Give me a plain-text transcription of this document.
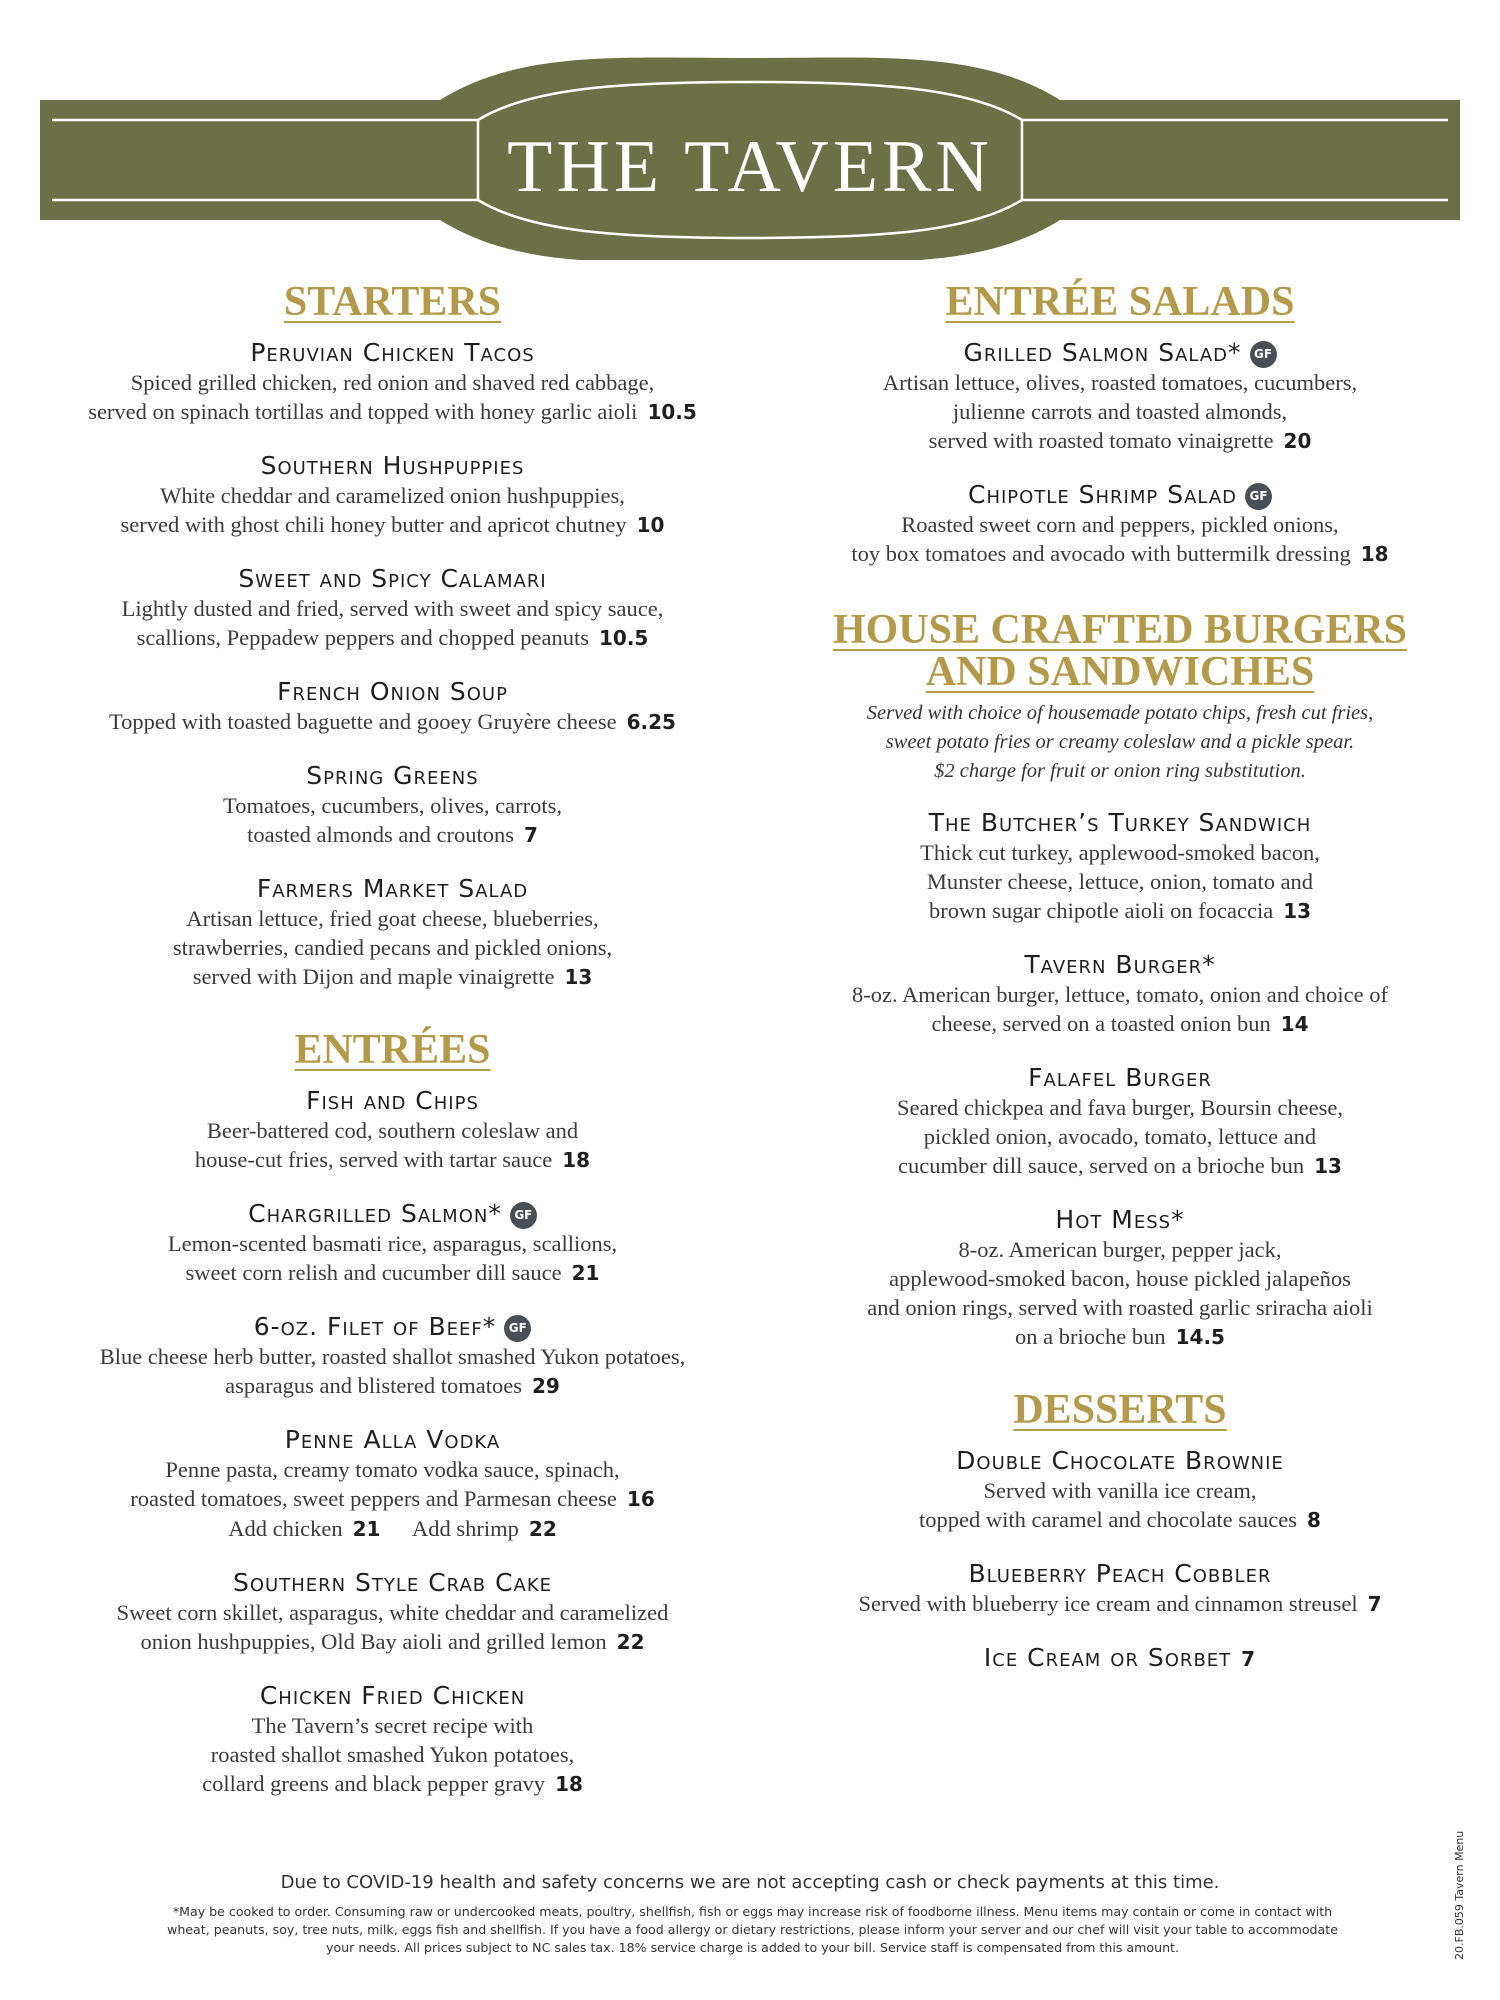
THE TAVERN
STARTERS
Peruvian Chicken Tacos
Spiced grilled chicken, red onion and shaved red cabbage,
served on spinach tortillas and topped with honey garlic aioli 10.5
Southern Hushpuppies
White cheddar and caramelized onion hushpuppies,
served with ghost chili honey butter and apricot chutney 10
Sweet and Spicy Calamari
Lightly dusted and fried, served with sweet and spicy sauce,
scallions, Peppadew peppers and chopped peanuts 10.5
French Onion Soup
Topped with toasted baguette and gooey Gruyère cheese 6.25
Spring Greens
Tomatoes, cucumbers, olives, carrots,
toasted almonds and croutons 7
Farmers Market Salad
Artisan lettuce, fried goat cheese, blueberries,
strawberries, candied pecans and pickled onions,
served with Dijon and maple vinaigrette 13
ENTRÉES
Fish and Chips
Beer-battered cod, southern coleslaw and
house-cut fries, served with tartar sauce 18
Chargrilled Salmon* GF
Lemon-scented basmati rice, asparagus, scallions,
sweet corn relish and cucumber dill sauce 21
6-oz. Filet of Beef* GF
Blue cheese herb butter, roasted shallot smashed Yukon potatoes,
asparagus and blistered tomatoes 29
Penne Alla Vodka
Penne pasta, creamy tomato vodka sauce, spinach,
roasted tomatoes, sweet peppers and Parmesan cheese 16
Add chicken 21 Add shrimp 22
Southern Style Crab Cake
Sweet corn skillet, asparagus, white cheddar and caramelized
onion hushpuppies, Old Bay aioli and grilled lemon 22
Chicken Fried Chicken
The Tavern’s secret recipe with
roasted shallot smashed Yukon potatoes,
collard greens and black pepper gravy 18
ENTRÉE SALADS
Grilled Salmon Salad* GF
Artisan lettuce, olives, roasted tomatoes, cucumbers,
julienne carrots and toasted almonds,
served with roasted tomato vinaigrette 20
Chipotle Shrimp Salad GF
Roasted sweet corn and peppers, pickled onions,
toy box tomatoes and avocado with buttermilk dressing 18
HOUSE CRAFTED BURGERS
AND SANDWICHES
Served with choice of housemade potato chips, fresh cut fries,
sweet potato fries or creamy coleslaw and a pickle spear.
$2 charge for fruit or onion ring substitution.
The Butcher’s Turkey Sandwich
Thick cut turkey, applewood-smoked bacon,
Munster cheese, lettuce, onion, tomato and
brown sugar chipotle aioli on focaccia 13
Tavern Burger*
8-oz. American burger, lettuce, tomato, onion and choice of
cheese, served on a toasted onion bun 14
Falafel Burger
Seared chickpea and fava burger, Boursin cheese,
pickled onion, avocado, tomato, lettuce and
cucumber dill sauce, served on a brioche bun 13
Hot Mess*
8-oz. American burger, pepper jack,
applewood-smoked bacon, house pickled jalapeños
and onion rings, served with roasted garlic sriracha aioli
on a brioche bun 14.5
DESSERTS
Double Chocolate Brownie
Served with vanilla ice cream,
topped with caramel and chocolate sauces 8
Blueberry Peach Cobbler
Served with blueberry ice cream and cinnamon streusel 7
Ice Cream or Sorbet 7
Due to COVID-19 health and safety concerns we are not accepting cash or check payments at this time.
*May be cooked to order. Consuming raw or undercooked meats, poultry, shellfish, fish or eggs may increase risk of foodborne illness. Menu items may contain or come in contact with
wheat, peanuts, soy, tree nuts, milk, eggs fish and shellfish. If you have a food allergy or dietary restrictions, please inform your server and our chef will visit your table to accommodate
your needs. All prices subject to NC sales tax. 18% service charge is added to your bill. Service staff is compensated from this amount.	20.FB.059 Tavern Menu
